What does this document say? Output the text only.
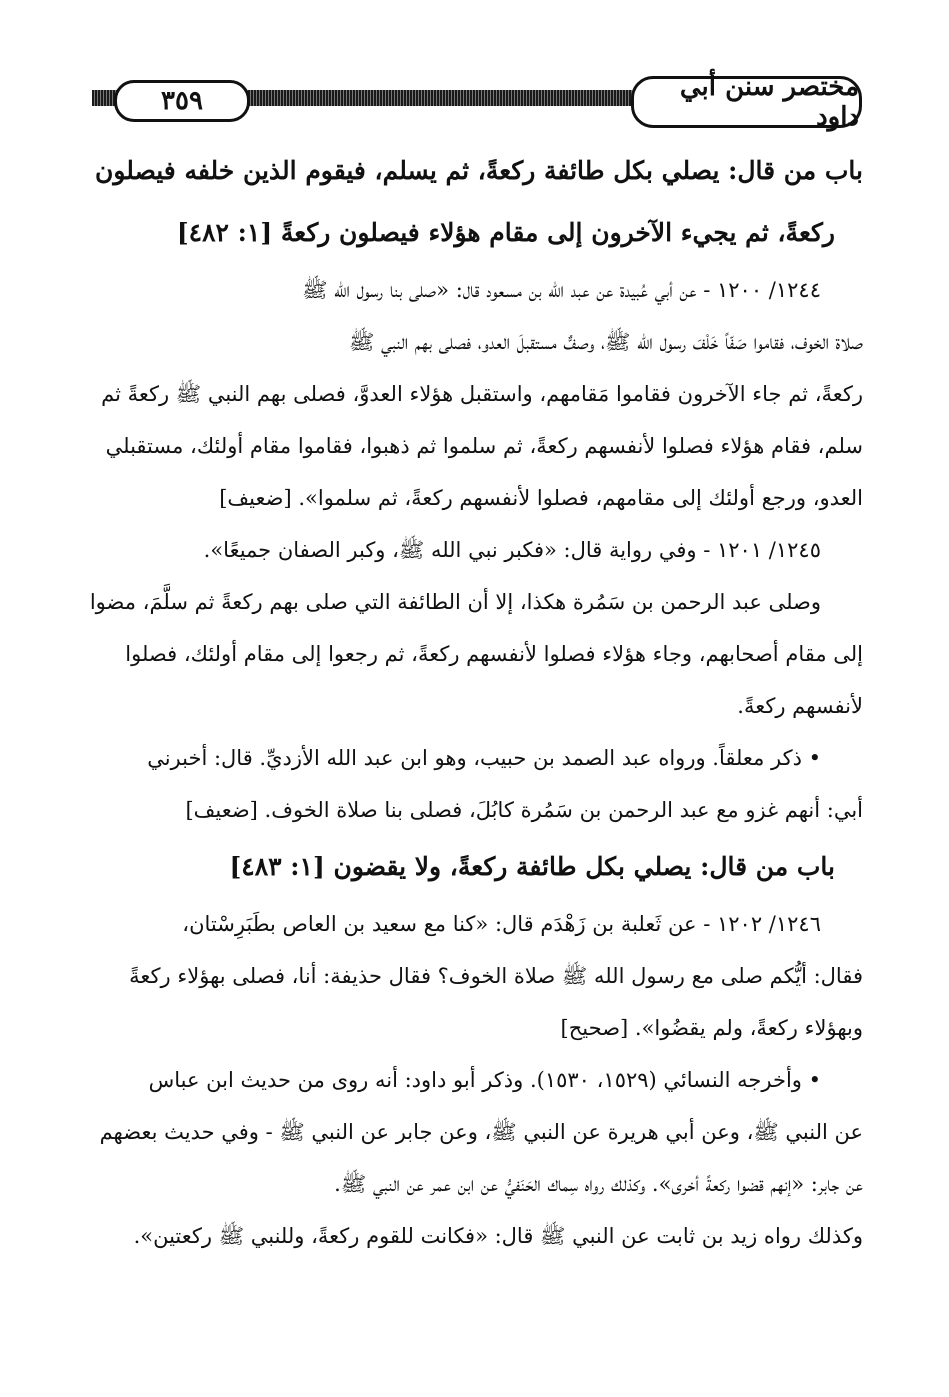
٣٥٩	مختصر سنن أبي داود
باب من قال: يصلي بكل طائفة ركعةً، ثم يسلم، فيقوم الذين خلفه فيصلون
ركعةً، ثم يجيء الآخرون إلى مقام هؤلاء فيصلون ركعةً [١: ٤٨٢]
١٢٤٤/ ١٢٠٠ - عن أبي عُبيدة عن عبد الله بن مسعود قال: «صلى بنا رسول الله ﷺ
صلاة الخوف، فقاموا صَفّاً خَلْفَ رسول الله ﷺ، وصفٌّ مستقبلَ العدو، فصلى بهم النبي ﷺ
ركعةً، ثم جاء الآخرون فقاموا مَقامهم، واستقبل هؤلاء العدوَّ، فصلى بهم النبي ﷺ ركعةً ثم
سلم، فقام هؤلاء فصلوا لأنفسهم ركعةً، ثم سلموا ثم ذهبوا، فقاموا مقام أولئك، مستقبلي
العدو، ورجع أولئك إلى مقامهم، فصلوا لأنفسهم ركعةً، ثم سلموا». [ضعيف]
١٢٤٥/ ١٢٠١ - وفي رواية قال: «فكبر نبي الله ﷺ، وكبر الصفان جميعًا».
وصلى عبد الرحمن بن سَمُرة هكذا، إلا أن الطائفة التي صلى بهم ركعةً ثم سلَّمَ، مضوا
إلى مقام أصحابهم، وجاء هؤلاء فصلوا لأنفسهم ركعةً، ثم رجعوا إلى مقام أولئك، فصلوا
لأنفسهم ركعةً.
• ذكر معلقاً. ورواه عبد الصمد بن حبيب، وهو ابن عبد الله الأزديِّ. قال: أخبرني
أبي: أنهم غزو مع عبد الرحمن بن سَمُرة كابُلَ، فصلى بنا صلاة الخوف. [ضعيف]
باب من قال: يصلي بكل طائفة ركعةً، ولا يقضون [١: ٤٨٣]
١٢٤٦/ ١٢٠٢ - عن ثَعلبة بن زَهْدَم قال: «كنا مع سعيد بن العاص بطَبَرِسْتان،
فقال: أيُّكم صلى مع رسول الله ﷺ صلاة الخوف؟ فقال حذيفة: أنا، فصلى بهؤلاء ركعةً
وبهؤلاء ركعةً، ولم يقضُوا». [صحيح]
• وأخرجه النسائي (١٥٢٩، ١٥٣٠). وذكر أبو داود: أنه روى من حديث ابن عباس
عن النبي ﷺ، وعن أبي هريرة عن النبي ﷺ، وعن جابر عن النبي ﷺ - وفي حديث بعضهم
عن جابر: «إنهم قضوا ركعةً أخرى». وكذلك رواه سِماك الحَنَفيُّ عن ابن عمر عن النبي ﷺ.
وكذلك رواه زيد بن ثابت عن النبي ﷺ قال: «فكانت للقوم ركعةً، وللنبي ﷺ ركعتين».
